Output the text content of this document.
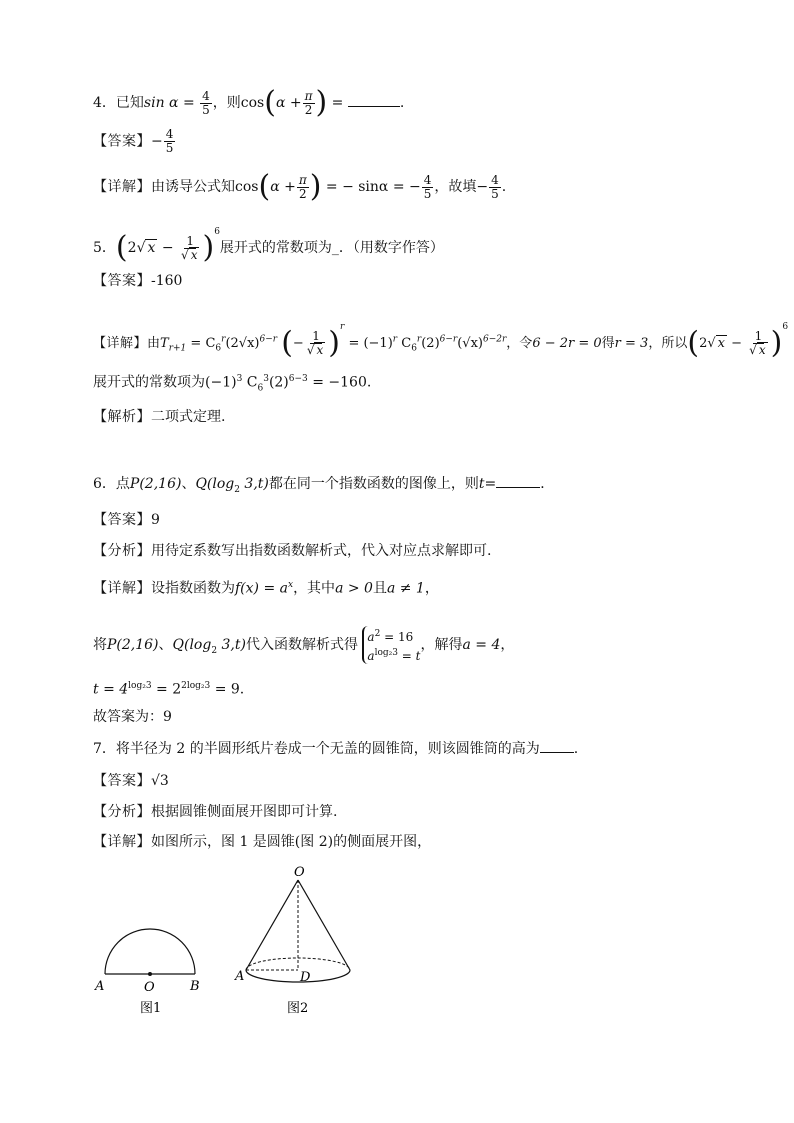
4．已知$\sin \alpha = \frac{4}{5}$ ，则$\cos(\alpha + \frac{\pi}{2}$ ) =	.
【答案】− $\frac{4}{5}$
【详解】由诱导公式知$\cos(\alpha + \frac{\pi}{2}$ ) = − sinα = − $\frac{4}{5}$ ，故填− $\frac{4}{5}$ .
5．(2√ $x - \frac{1}{√ x} )^6$展开式的常数项为_．（用数字作答）
【答案】-160
【详解】由$T_{r+1} = C_6^r(2√x)^{6-r}$ (− $\frac{1}{√ x} )^r = (-1)^r$ $C_6^r(2)^{6-r}(√x)^{6-2r}$，令6 − 2r = 0得r = 3，所以(2√ $x - \frac{1}{√ x} )^6$
展开式的常数项为$(-1)^3$ $C_6^3(2)^{6-3} = -160$.
【解析】二项式定理.
6．点P(2,16)、$Q(\log_2$ 3,t)都在同一个指数函数的图像上，则t=	．
【答案】9
【分析】用待定系数写出指数函数解析式，代入对应点求解即可.
【详解】设指数函数为$f(x) = a^x$，其中a > 0且a ≠ 1，
将P(2,16)、$Q(\log_2$ 3,t)代入函数解析式得 $a^2 = 16$
$a^{log_23} = t$
，解得a = 4，
$t = 4^{log_23} = 2^{2log_23} = 9$.
故答案为：9
7．将半径为 2 的半圆形纸片卷成一个无盖的圆锥筒，则该圆锥筒的高为 .
【答案】√3
【分析】根据圆锥侧面展开图即可计算.
【详解】如图所示，图 1 是圆锥(图 2)的侧面展开图，
A	O	B
图1
O
A	D
图2
